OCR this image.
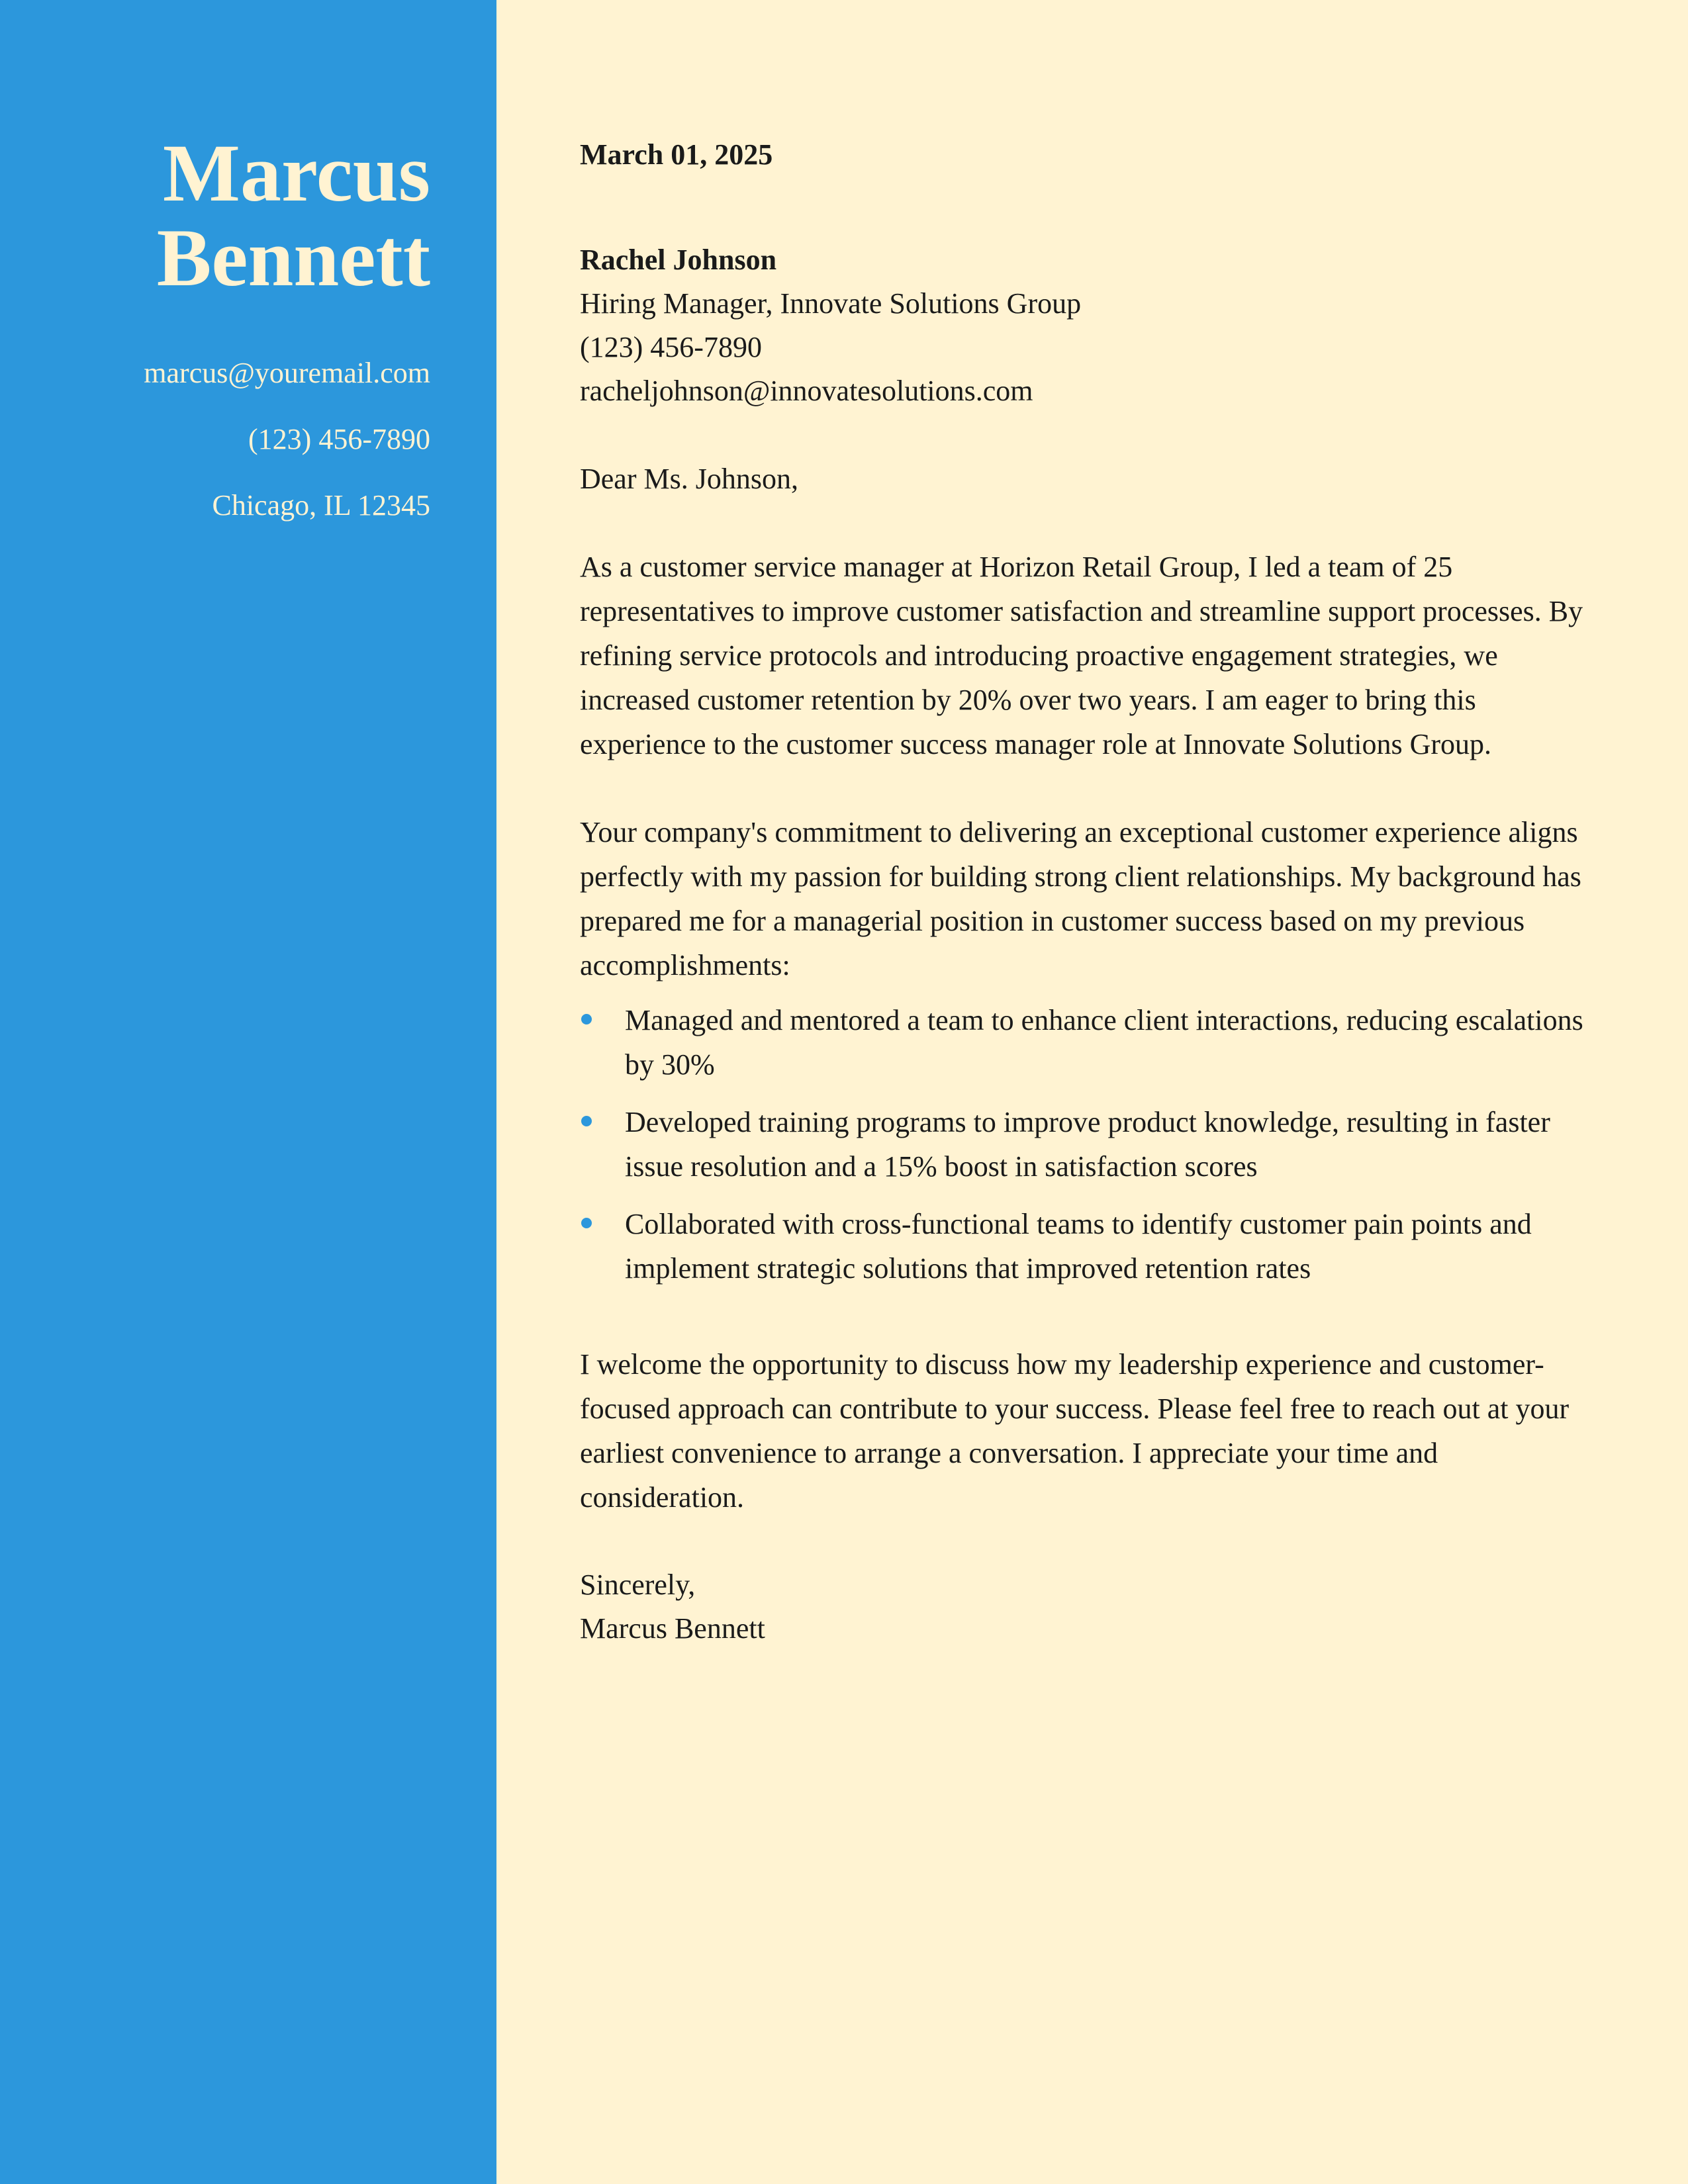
Marcus
Bennett
marcus@youremail.com
(123) 456-7890
Chicago, IL 12345
March 01, 2025
Rachel Johnson
Hiring Manager, Innovate Solutions Group
(123) 456-7890
racheljohnson@innovatesolutions.com
Dear Ms. Johnson,

As a customer service manager at Horizon Retail Group, I led a team of 25 representatives to improve customer satisfaction and streamline support processes. By refining service protocols and introducing proactive engagement strategies, we increased customer retention by 20% over two years. I am eager to bring this experience to the customer success manager role at Innovate Solutions Group.

Your company's commitment to delivering an exceptional customer experience aligns perfectly with my passion for building strong client relationships. My background has prepared me for a managerial position in customer success based on my previous accomplishments:

Managed and mentored a team to enhance client interactions, reducing escalations by 30%
Developed training programs to improve product knowledge, resulting in faster issue resolution and a 15% boost in satisfaction scores
Collaborated with cross-functional teams to identify customer pain points and implement strategic solutions that improved retention rates

I welcome the opportunity to discuss how my leadership experience and customer-focused approach can contribute to your success. Please feel free to reach out at your earliest convenience to arrange a conversation. I appreciate your time and consideration.

Sincerely,
Marcus Bennett
